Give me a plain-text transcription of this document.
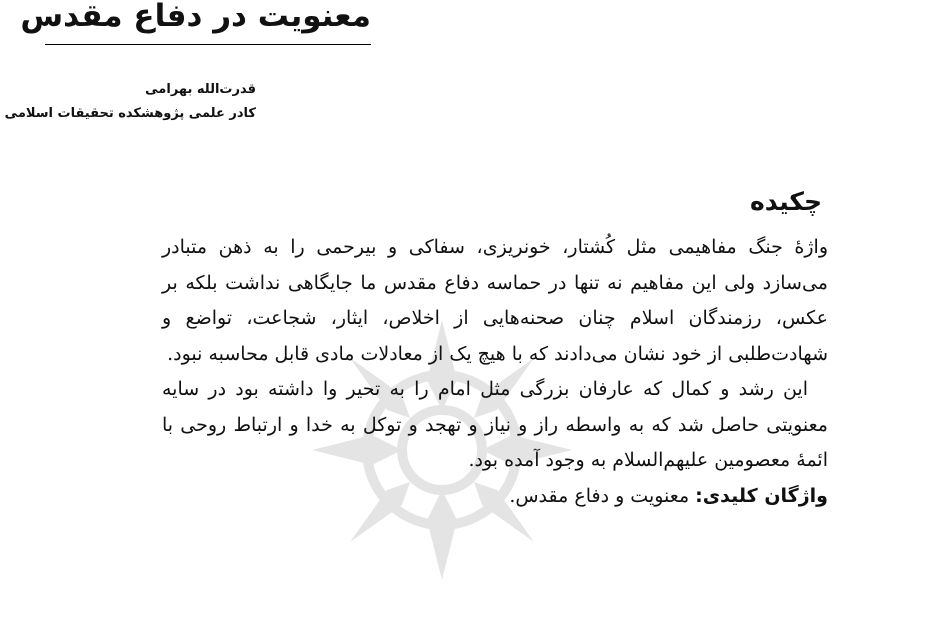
معنویت در دفاع مقدس
قدرت‌الله بهرامی
کادر علمی پژوهشکده تحقیقات اسلامی
چکیده

واژهٔ جنگ مفاهیمی مثل کُشتار، خونریزی، سفاکی و بیرحمی را به ذهن متبادر می‌سازد ولی این مفاهیم نه تنها در حماسه دفاع مقدس ما جایگاهی نداشت بلکه بر عکس، رزمندگان اسلام چنان صحنه‌هایی از اخلاص، ایثار، شجاعت، تواضع و شهادت‌طلبی از خود نشان می‌دادند که با هیچ یک از معادلات مادی قابل محاسبه نبود.

این رشد و کمال که عارفان بزرگی مثل امام را به تحیر وا داشته بود در سایه معنویتی حاصل شد که به واسطه راز و نیاز و تهجد و توکل به خدا و ارتباط روحی با ائمهٔ معصومین علیهم‌السلام به وجود آمده بود.

واژگان کلیدی: معنویت و دفاع مقدس.
